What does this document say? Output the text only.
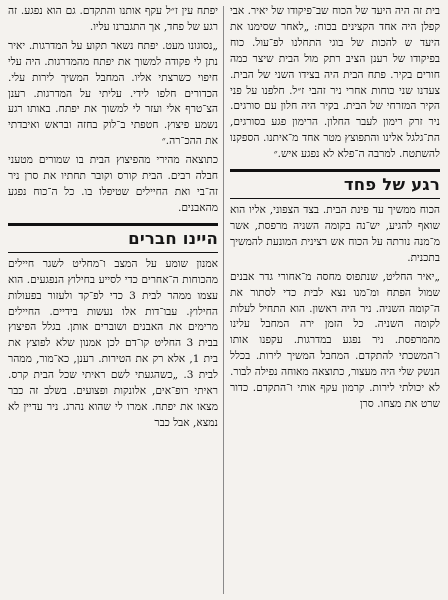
בית זה היה היעד של הכוח שב־פיקודו של יאיר. אבי קפלן היה אחד הקצינים בכוח: „לאחר שסימנו את היעד ש להכות של בוגי התחלנו לפ־עול. כוח בפיקודו של רענן הציב רתק מול הבית שיצר כמה חורים בקיר. פתח הבית היה בצידו השני של הבית. צעדנו שני כוחות אחרי ניר זהבי ז״ל. חלפנו על פני הקיר המזרחי של הבית. בקיר היה חלון עם סורגים. ניר זרק רימון לעבר החלון. הרימון פגע בסורגים, הת־גלגל אלינו והתפוצץ מטר אחד מ־איתנו. הספקנו להשתטח. למרבה ה־פלא לא נפגע איש.״

רגע של פחד

הכוח ממשיך עד פינת הבית. בצד הצפוני, אליו הוא שואף להגיע, יש־נה בקומה השניה מרפסת, אשר מ־מנה נורתה על הכוח אש רצינית המונעת להמשיך בתכנית.

„יאיר החליט, שנתפוס מחסה מ־אחורי גדר אבנים שמול הפתח ומ־מנו נצא לבית כדי לסתור את ה־קומה השניה. ניר היה ראשון. הוא התחיל לעלות לקומה השניה. כל הזמן ירה המחבל עלינו מהמרפסת. ניר נפגע במדרגות. עקפנו אותו ו־המשכתי להתקדם. המחבל המשיך לירות. בכלל הנשק שלי היה מעצור, כתוצאה מאוחה נפילה לבור. לא יכולתי לירות. קרמון עקף אותי ו־התקדם. כדור שרט את מצחו. סרן

יפתח עין ז״ל עקף אותנו והתקדם. גם הוא נפגע. זה רגע של פחד, אך התגברנו עליו.

„נסוגונו מעט. יפתח נשאר תקוע על המדרגות. יאיר נתן לי פקודה למשוך את יפתח מהמדרגות. היה עלי חיפוי כשרצתי אליו. המחבל המשיך לירות עלי. הכדורים חלפו לידי. עליתי על המדרגות. רענן הצ־טרף אלי ועזר לי למשוך את יפתח. באותו רגע נשמע פיצוץ. חטפתי ב־לוק בחזה ובראש ואיבדתי את ההכ־רה.״

כתוצאה מהירי מהפיצוץ הבית בו שמורים מטעני חבלה רבים. הבית קורס וקובר תחתיו את סרן ניר זה־בי ואת החיילים שטיפלו בו. כל ה־כוח נפגע מהאבנים.

היינו חברים

אמנון שומע על המצב ו־מחליט לשגר חיילים מהכוחות ה־אחרים כדי לסייע בחילוץ הנפגעים. הוא עצמו ממהר לבית 3 כדי לפ־קד ולעזור בפעולות החילוץ. עבו־דות אלו נעשות בידיים. החיילים מרימים את האבנים ושוברים אותן. בגלל הפיצוץ בבית 3 החליט קו־דם לכן אמנון שלא לפוצץ את בית 1, אלא רק את הטירות. רענן, כא־מור, ממהר לבית 3. „כשהגעתי לשם ראיתי שכל הבית קרס. ראיתי רופ־אים, אלונקות ופצועים. בשלב זה כבר מצאו את יפתח. אמרו לי שהוא נהרג. ניר עדיין לא נמצא, אבל כבר
